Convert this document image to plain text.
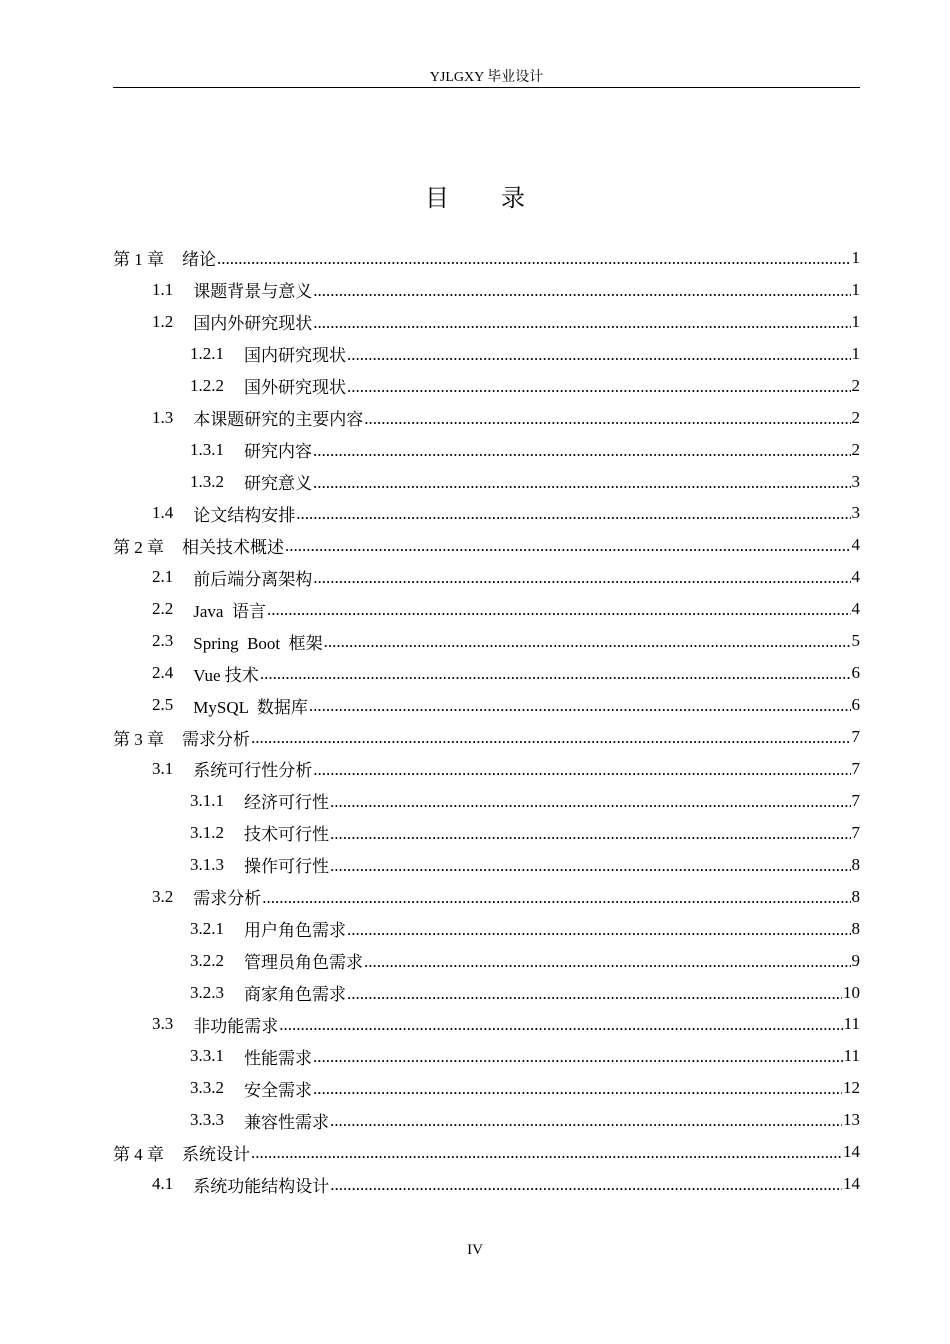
YJLGXY 毕业设计
目 录
第 1 章 绪论 .....	1
1.1 课题背景与意义 .....	1
1.2 国内外研究现状 .....	1
1.2.1 国内研究现状 .....	1
1.2.2 国外研究现状 .....	2
1.3 本课题研究的主要内容 .....	2
1.3.1 研究内容 .....	2
1.3.2 研究意义 .....	3
1.4 论文结构安排 .....	3
第 2 章 相关技术概述 .....	4
2.1 前后端分离架构 .....	4
2.2 Java  语言 .....	4
2.3 Spring  Boot  框架 .....	5
2.4 Vue 技术 .....	6
2.5 MySQL  数据库 .....	6
第 3 章 需求分析 .....	7
3.1 系统可行性分析 .....	7
3.1.1 经济可行性 .....	7
3.1.2 技术可行性 .....	7
3.1.3 操作可行性 .....	8
3.2 需求分析 .....	8
3.2.1 用户角色需求 .....	8
3.2.2 管理员角色需求 .....	9
3.2.3 商家角色需求 .....	10
3.3 非功能需求 .....	11
3.3.1 性能需求 .....	11
3.3.2 安全需求 .....	12
3.3.3 兼容性需求 .....	13
第 4 章 系统设计 .....	14
4.1 系统功能结构设计 .....	14
IV
